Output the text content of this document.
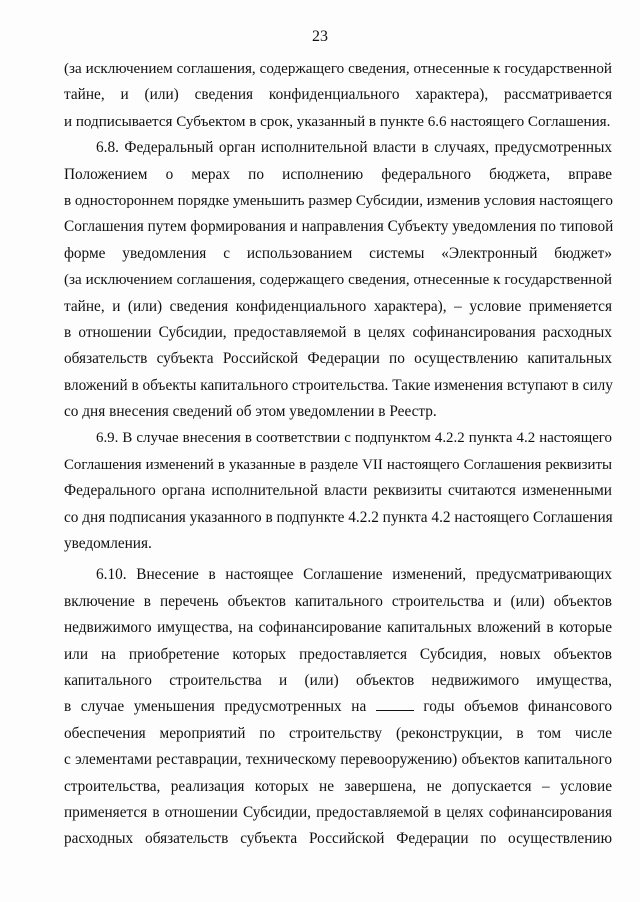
23
(за исключением соглашения, содержащего сведения, отнесенные к государственной
тайне, и (или) сведения конфиденциального характера), рассматривается
и подписывается Субъектом в срок, указанный в пункте 6.6 настоящего Соглашения.
6.8. Федеральный орган исполнительной власти в случаях, предусмотренных
Положением о мерах по исполнению федерального бюджета, вправе
в одностороннем порядке уменьшить размер Субсидии, изменив условия настоящего
Соглашения путем формирования и направления Субъекту уведомления по типовой
форме уведомления с использованием системы «Электронный бюджет»
(за исключением соглашения, содержащего сведения, отнесенные к государственной
тайне, и (или) сведения конфиденциального характера), – условие применяется
в отношении Субсидии, предоставляемой в целях софинансирования расходных
обязательств субъекта Российской Федерации по осуществлению капитальных
вложений в объекты капитального строительства. Такие изменения вступают в силу
со дня внесения сведений об этом уведомлении в Реестр.
6.9. В случае внесения в соответствии с подпунктом 4.2.2 пункта 4.2 настоящего
Соглашения изменений в указанные в разделе VII настоящего Соглашения реквизиты
Федерального органа исполнительной власти реквизиты считаются измененными
со дня подписания указанного в подпункте 4.2.2 пункта 4.2 настоящего Соглашения
уведомления.
6.10. Внесение в настоящее Соглашение изменений, предусматривающих
включение в перечень объектов капитального строительства и (или) объектов
недвижимого имущества, на софинансирование капитальных вложений в которые
или на приобретение которых предоставляется Субсидия, новых объектов
капитального строительства и (или) объектов недвижимого имущества,
в случае уменьшения предусмотренных на	годы объемов финансового
обеспечения мероприятий по строительству (реконструкции, в том числе
с элементами реставрации, техническому перевооружению) объектов капитального
строительства, реализация которых не завершена, не допускается – условие
применяется в отношении Субсидии, предоставляемой в целях софинансирования
расходных обязательств субъекта Российской Федерации по осуществлению
